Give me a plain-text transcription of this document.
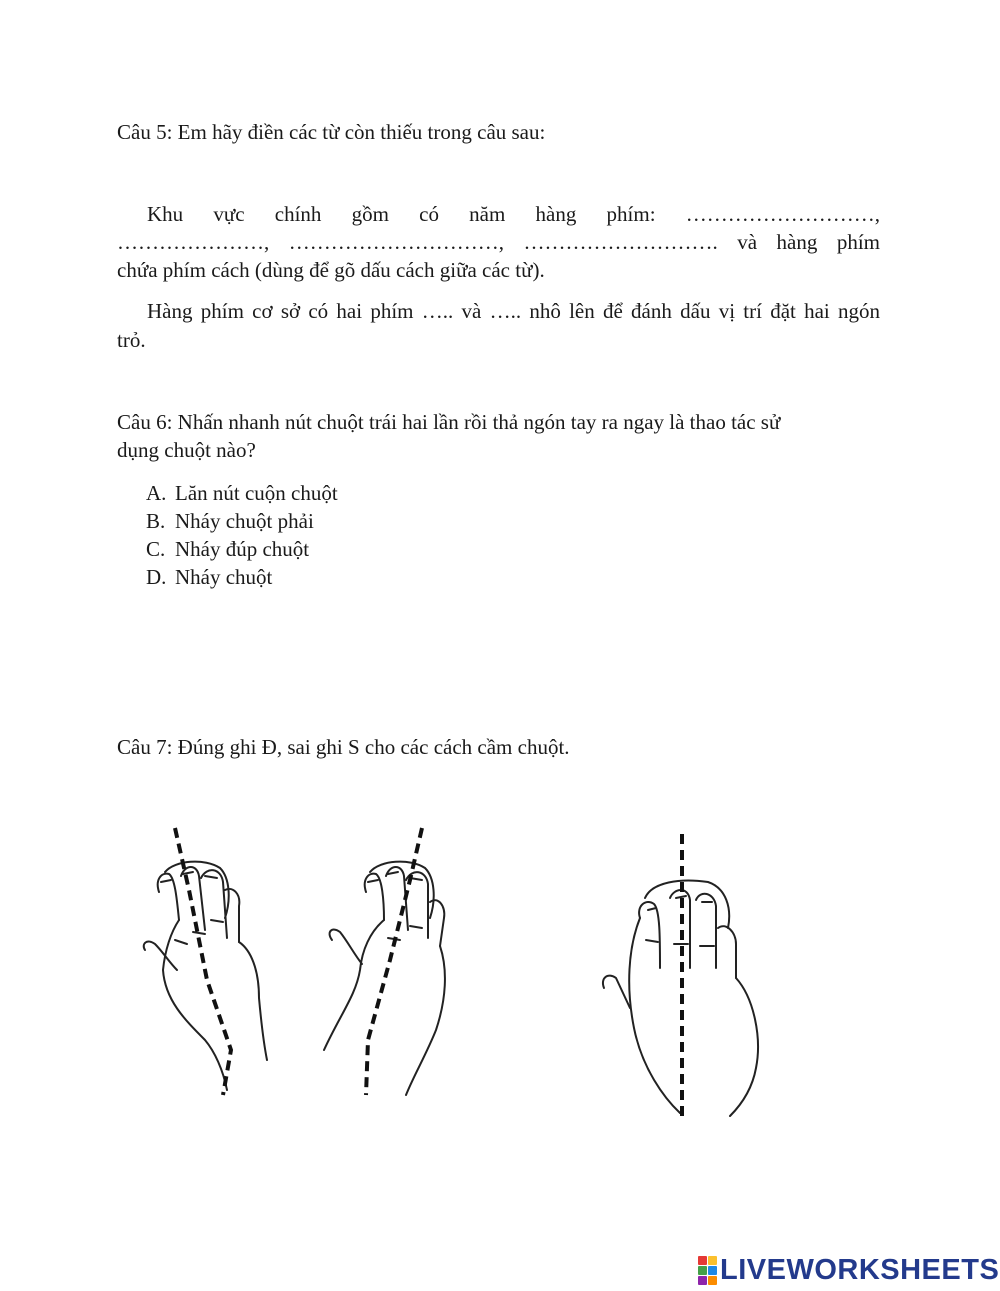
Câu 5: Em hãy điền các từ còn thiếu trong câu sau:
Khu vực chính gồm có năm hàng phím: ………………………,
…………………, …………………………, ………………………. và hàng phím
chứa phím cách (dùng để gõ dấu cách giữa các từ).
Hàng phím cơ sở có hai phím ….. và ….. nhô lên để đánh dấu vị trí đặt hai ngón
trỏ.
Câu 6: Nhấn nhanh nút chuột trái hai lần rồi thả ngón tay ra ngay là thao tác sử
dụng chuột nào?
A. Lăn nút cuộn chuột
B. Nháy chuột phải
C. Nháy đúp chuột
D. Nháy chuột
Câu 7: Đúng ghi Đ, sai ghi S cho các cách cầm chuột.
LIVEWORKSHEETS
